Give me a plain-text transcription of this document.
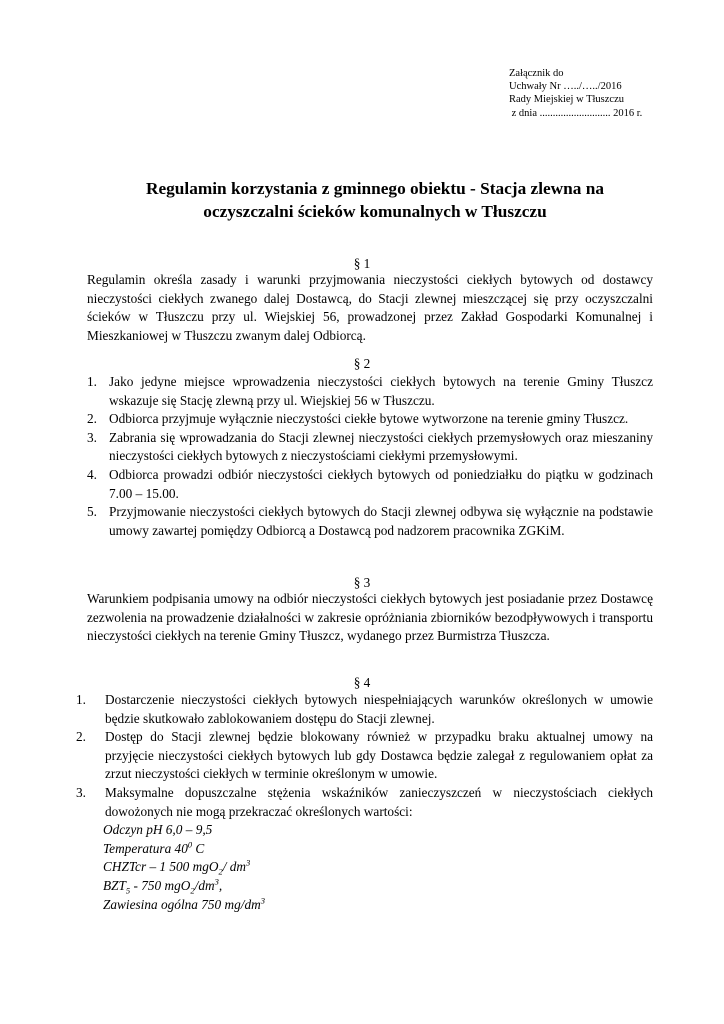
Załącznik do
Uchwały Nr …../…../2016
Rady Miejskiej w Tłuszczu
z dnia ........................... 2016 r.
Regulamin korzystania z gminnego obiektu - Stacja zlewna na
oczyszczalni ścieków komunalnych w Tłuszczu
§ 1
Regulamin określa zasady i warunki przyjmowania nieczystości ciekłych bytowych od dostawcy nieczystości ciekłych zwanego dalej Dostawcą, do Stacji zlewnej mieszczącej się przy oczyszczalni ścieków w Tłuszczu przy ul. Wiejskiej 56, prowadzonej przez Zakład Gospodarki Komunalnej i Mieszkaniowej w Tłuszczu zwanym dalej Odbiorcą.
§ 2
1. Jako jedyne miejsce wprowadzenia nieczystości ciekłych bytowych na terenie Gminy Tłuszcz wskazuje się Stację zlewną przy ul. Wiejskiej 56 w Tłuszczu.
2. Odbiorca przyjmuje wyłącznie nieczystości ciekłe bytowe wytworzone na terenie gminy Tłuszcz.
3. Zabrania się wprowadzania do Stacji zlewnej nieczystości ciekłych przemysłowych oraz mieszaniny nieczystości ciekłych bytowych z nieczystościami ciekłymi przemysłowymi.
4. Odbiorca prowadzi odbiór nieczystości ciekłych bytowych od poniedziałku do piątku w godzinach 7.00 – 15.00.
5. Przyjmowanie nieczystości ciekłych bytowych do Stacji zlewnej odbywa się wyłącznie na podstawie umowy zawartej pomiędzy Odbiorcą a Dostawcą pod nadzorem pracownika ZGKiM.
§ 3
Warunkiem podpisania umowy na odbiór nieczystości ciekłych bytowych jest posiadanie przez Dostawcę zezwolenia na prowadzenie działalności w zakresie opróżniania zbiorników bezodpływowych i transportu nieczystości ciekłych na terenie Gminy Tłuszcz, wydanego przez Burmistrza Tłuszcza.
§ 4
1. Dostarczenie nieczystości ciekłych bytowych niespełniających warunków określonych w umowie będzie skutkowało zablokowaniem dostępu do Stacji zlewnej.
2. Dostęp do Stacji zlewnej będzie blokowany również w przypadku braku aktualnej umowy na przyjęcie nieczystości ciekłych bytowych lub gdy Dostawca będzie zalegał z regulowaniem opłat za zrzut nieczystości ciekłych w terminie określonym w umowie.
3. Maksymalne dopuszczalne stężenia wskaźników zanieczyszczeń w nieczystościach ciekłych dowożonych nie mogą przekraczać określonych wartości:
Odczyn pH 6,0 – 9,5
Temperatura $40^0$ C
CHZTcr – 1 500 mgO$_2$/ $dm^3$
$BZT_5 - 750$ $mgO_2/dm^3$,
Zawiesina ogólna 750 $mg/dm^3$
